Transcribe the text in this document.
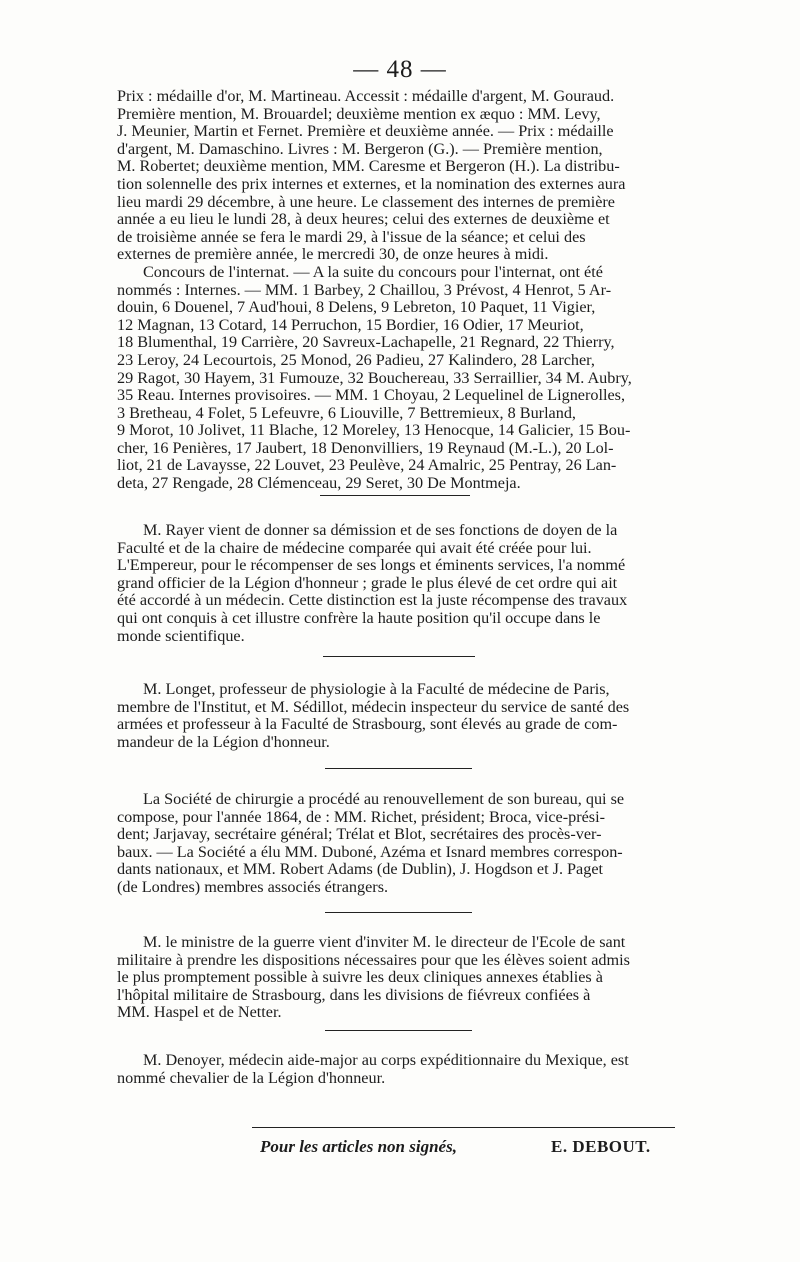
— 48 —

Prix : médaille d'or, M. Martineau. Accessit : médaille d'argent, M. Gouraud.
Première mention, M. Brouardel; deuxième mention ex æquo : MM. Levy,
J. Meunier, Martin et Fernet. Première et deuxième année. — Prix : médaille
d'argent, M. Damaschino. Livres : M. Bergeron (G.). — Première mention,
M. Robertet; deuxième mention, MM. Caresme et Bergeron (H.). La distribu-
tion solennelle des prix internes et externes, et la nomination des externes aura
lieu mardi 29 décembre, à une heure. Le classement des internes de première
année a eu lieu le lundi 28, à deux heures; celui des externes de deuxième et
de troisième année se fera le mardi 29, à l'issue de la séance; et celui des
externes de première année, le mercredi 30, de onze heures à midi.

Concours de l'internat. — A la suite du concours pour l'internat, ont été
nommés : Internes. — MM. 1 Barbey, 2 Chaillou, 3 Prévost, 4 Henrot, 5 Ar-
douin, 6 Douenel, 7 Aud'houi, 8 Delens, 9 Lebreton, 10 Paquet, 11 Vigier,
12 Magnan, 13 Cotard, 14 Perruchon, 15 Bordier, 16 Odier, 17 Meuriot,
18 Blumenthal, 19 Carrière, 20 Savreux-Lachapelle, 21 Regnard, 22 Thierry,
23 Leroy, 24 Lecourtois, 25 Monod, 26 Padieu, 27 Kalindero, 28 Larcher,
29 Ragot, 30 Hayem, 31 Fumouze, 32 Bouchereau, 33 Serraillier, 34 M. Aubry,
35 Reau. Internes provisoires. — MM. 1 Choyau, 2 Lequelinel de Lignerolles,
3 Bretheau, 4 Folet, 5 Lefeuvre, 6 Liouville, 7 Bettremieux, 8 Burland,
9 Morot, 10 Jolivet, 11 Blache, 12 Moreley, 13 Henocque, 14 Galicier, 15 Bou-
cher, 16 Penières, 17 Jaubert, 18 Denonvilliers, 19 Reynaud (M.-L.), 20 Lol-
liot, 21 de Lavaysse, 22 Louvet, 23 Peulève, 24 Amalric, 25 Pentray, 26 Lan-
deta, 27 Rengade, 28 Clémenceau, 29 Seret, 30 De Montmeja.

M. Rayer vient de donner sa démission et de ses fonctions de doyen de la
Faculté et de la chaire de médecine comparée qui avait été créée pour lui.
L'Empereur, pour le récompenser de ses longs et éminents services, l'a nommé
grand officier de la Légion d'honneur ; grade le plus élevé de cet ordre qui ait
été accordé à un médecin. Cette distinction est la juste récompense des travaux
qui ont conquis à cet illustre confrère la haute position qu'il occupe dans le
monde scientifique.

M. Longet, professeur de physiologie à la Faculté de médecine de Paris,
membre de l'Institut, et M. Sédillot, médecin inspecteur du service de santé des
armées et professeur à la Faculté de Strasbourg, sont élevés au grade de com-
mandeur de la Légion d'honneur.

La Société de chirurgie a procédé au renouvellement de son bureau, qui se
compose, pour l'année 1864, de : MM. Richet, président; Broca, vice-prési-
dent; Jarjavay, secrétaire général; Trélat et Blot, secrétaires des procès-ver-
baux. — La Société a élu MM. Duboné, Azéma et Isnard membres correspon-
dants nationaux, et MM. Robert Adams (de Dublin), J. Hogdson et J. Paget
(de Londres) membres associés étrangers.

M. le ministre de la guerre vient d'inviter M. le directeur de l'Ecole de sant
militaire à prendre les dispositions nécessaires pour que les élèves soient admis
le plus promptement possible à suivre les deux cliniques annexes établies à
l'hôpital militaire de Strasbourg, dans les divisions de fiévreux confiées à
MM. Haspel et de Netter.

M. Denoyer, médecin aide-major au corps expéditionnaire du Mexique, est
nommé chevalier de la Légion d'honneur.

Pour les articles non signés,	E. DEBOUT.
